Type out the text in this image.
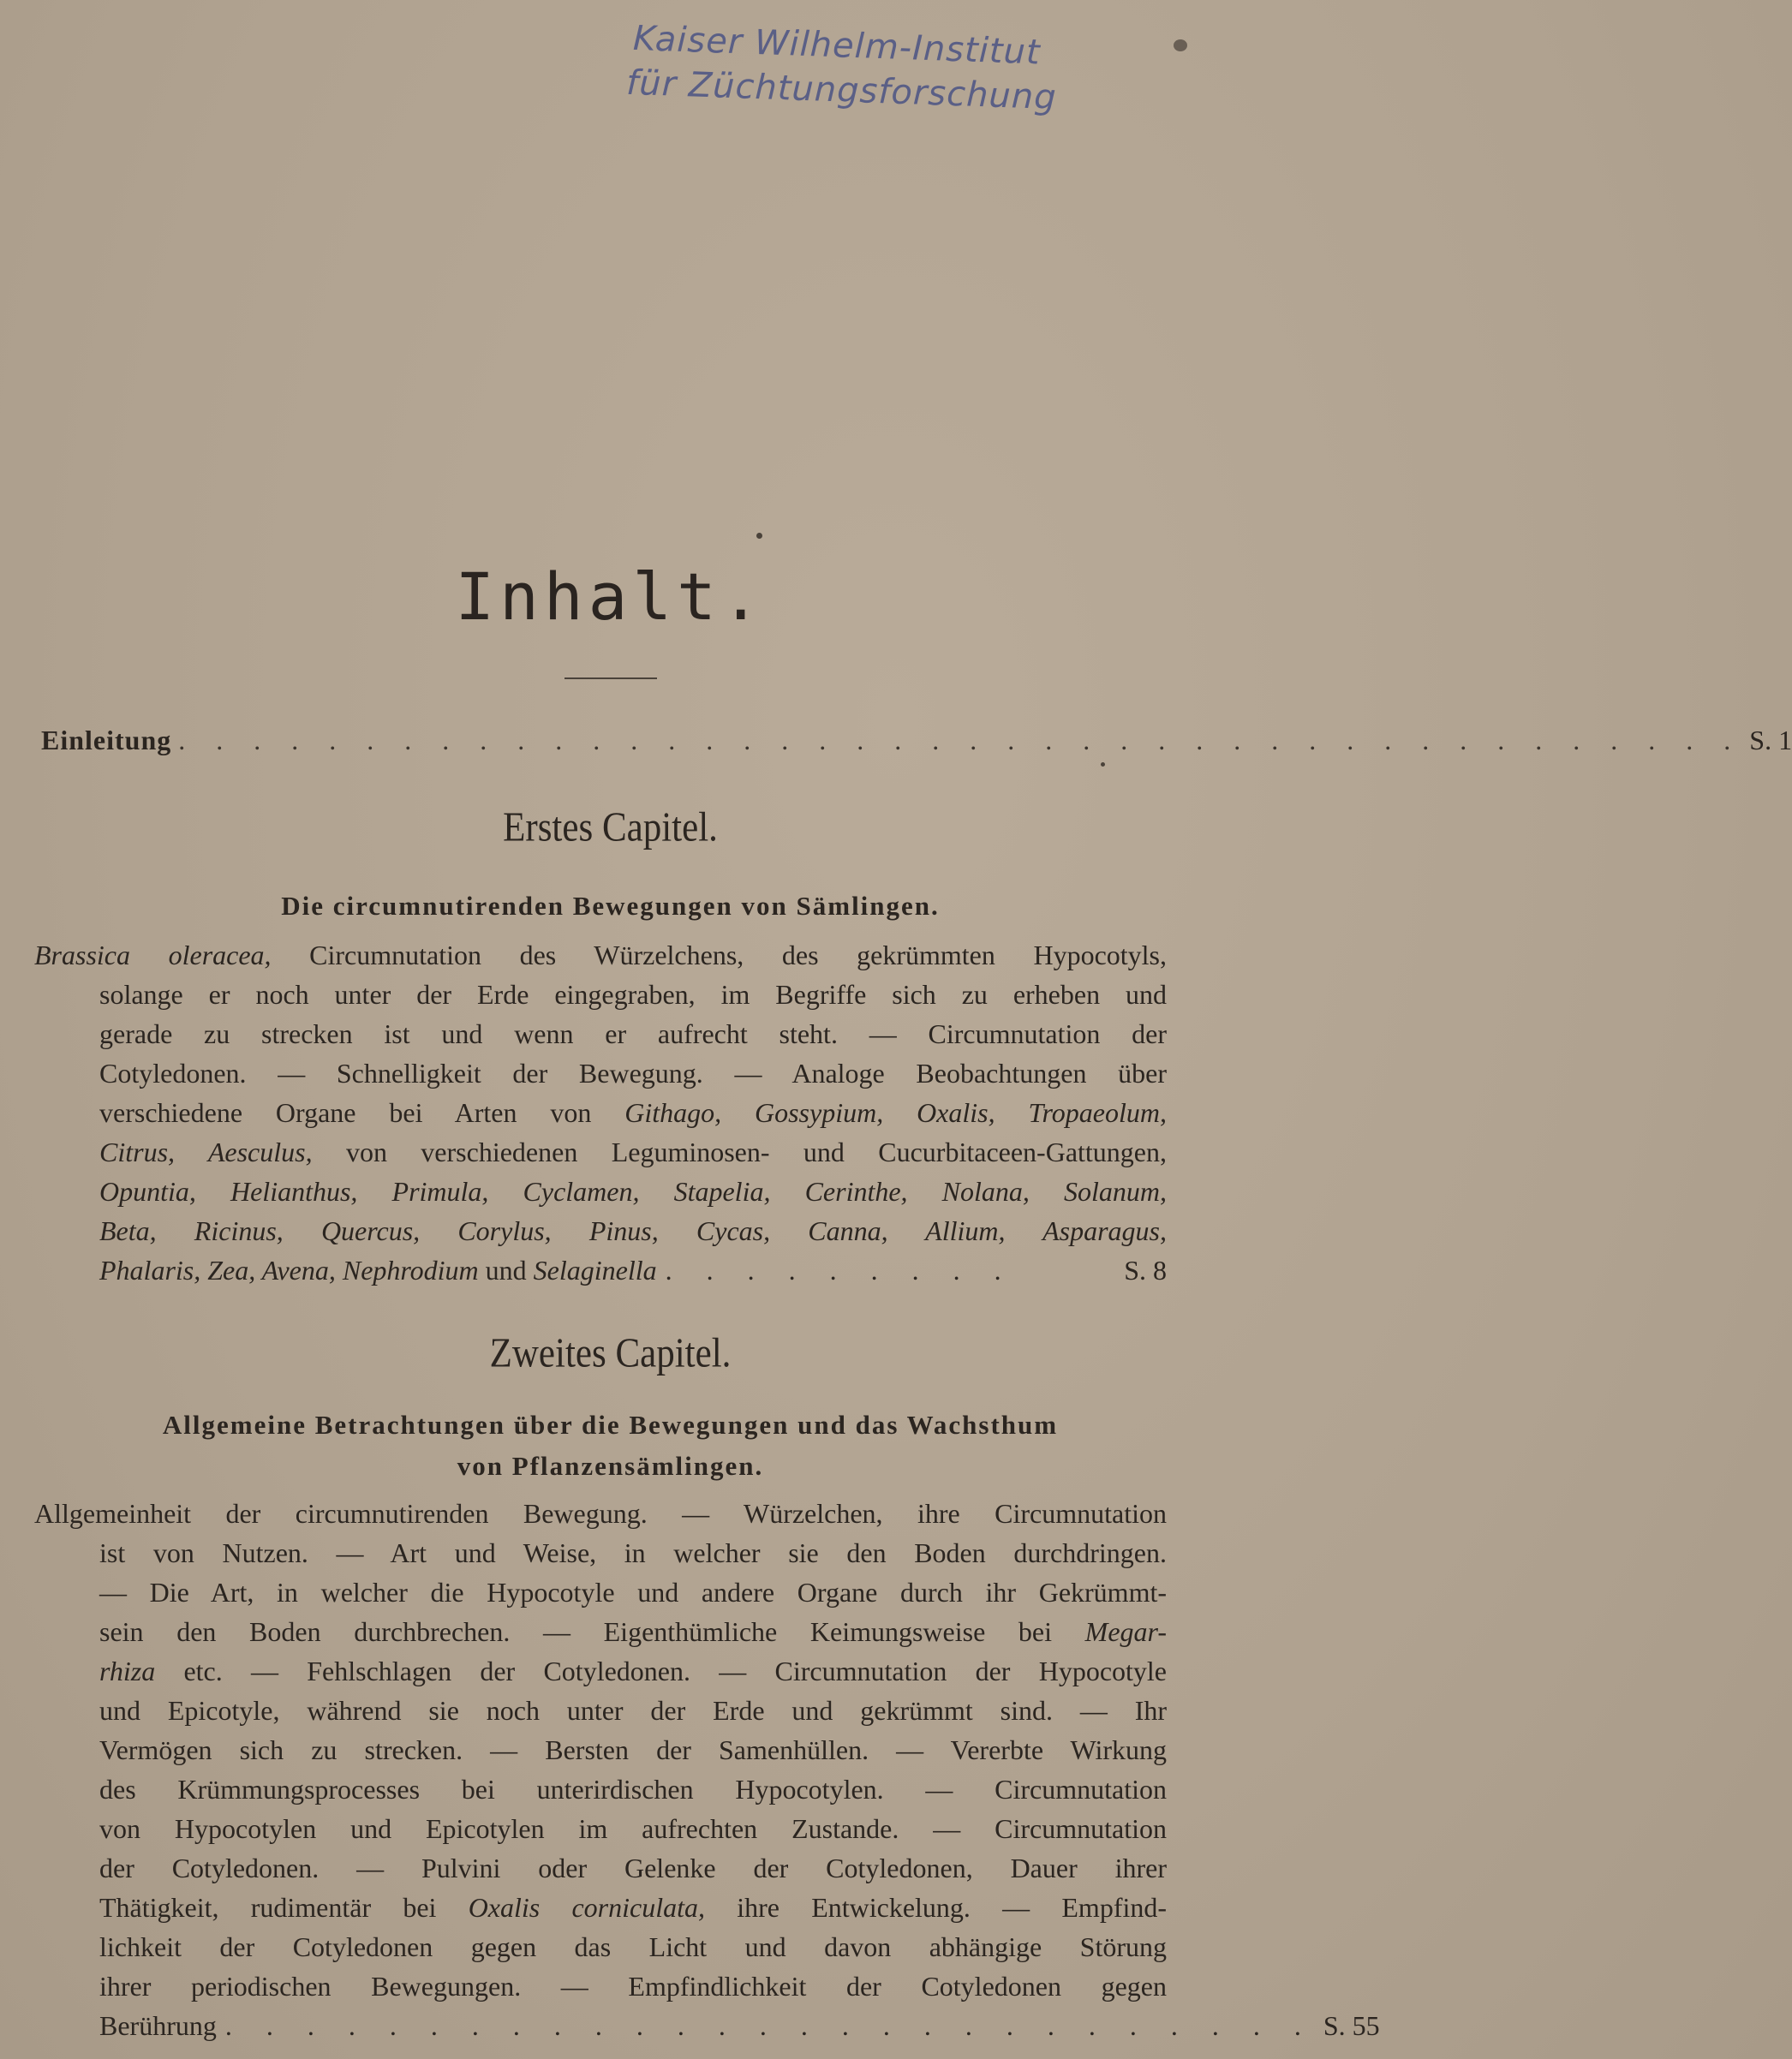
Kaiser Wilhelm-Institut
für Züchtungsforschung
Inhalt.
Einleitung . . . . . . . . . . . . . . . . . . . . . . . . . . . . . . . . . . . . . . . . . . S. 1
Erstes Capitel.
Die circumnutirenden Bewegungen von Sämlingen.
Brassica oleracea, Circumnutation des Würzelchens, des gekrümmten Hypocotyls,
solange er noch unter der Erde eingegraben, im Begriffe sich zu erheben und
gerade zu strecken ist und wenn er aufrecht steht. — Circumnutation der
Cotyledonen. — Schnelligkeit der Bewegung. — Analoge Beobachtungen über
verschiedene Organe bei Arten von Githago, Gossypium, Oxalis, Tropaeolum,
Citrus, Aesculus, von verschiedenen Leguminosen- und Cucurbitaceen-Gattungen,
Opuntia, Helianthus, Primula, Cyclamen, Stapelia, Cerinthe, Nolana, Solanum,
Beta, Ricinus, Quercus, Corylus, Pinus, Cycas, Canna, Allium, Asparagus,
Phalaris, Zea, Avena, Nephrodium und Selaginella . . . . . . . . .	S. 8
Zweites Capitel.
Allgemeine Betrachtungen über die Bewegungen und das Wachsthum
von Pflanzensämlingen.
Allgemeinheit der circumnutirenden Bewegung. — Würzelchen, ihre Circumnutation
ist von Nutzen. — Art und Weise, in welcher sie den Boden durchdringen.
— Die Art, in welcher die Hypocotyle und andere Organe durch ihr Gekrümmt-
sein den Boden durchbrechen. — Eigenthümliche Keimungsweise bei Megar-
rhiza etc. — Fehlschlagen der Cotyledonen. — Circumnutation der Hypocotyle
und Epicotyle, während sie noch unter der Erde und gekrümmt sind. — Ihr
Vermögen sich zu strecken. — Bersten der Samenhüllen. — Vererbte Wirkung
des Krümmungsprocesses bei unterirdischen Hypocotylen. — Circumnutation
von Hypocotylen und Epicotylen im aufrechten Zustande. — Circumnutation
der Cotyledonen. — Pulvini oder Gelenke der Cotyledonen, Dauer ihrer
Thätigkeit, rudimentär bei Oxalis corniculata, ihre Entwickelung. — Empfind-
lichkeit der Cotyledonen gegen das Licht und davon abhängige Störung
ihrer periodischen Bewegungen. — Empfindlichkeit der Cotyledonen gegen
Berührung . . . . . . . . . . . . . . . . . . . . . . . . . . . S. 55
